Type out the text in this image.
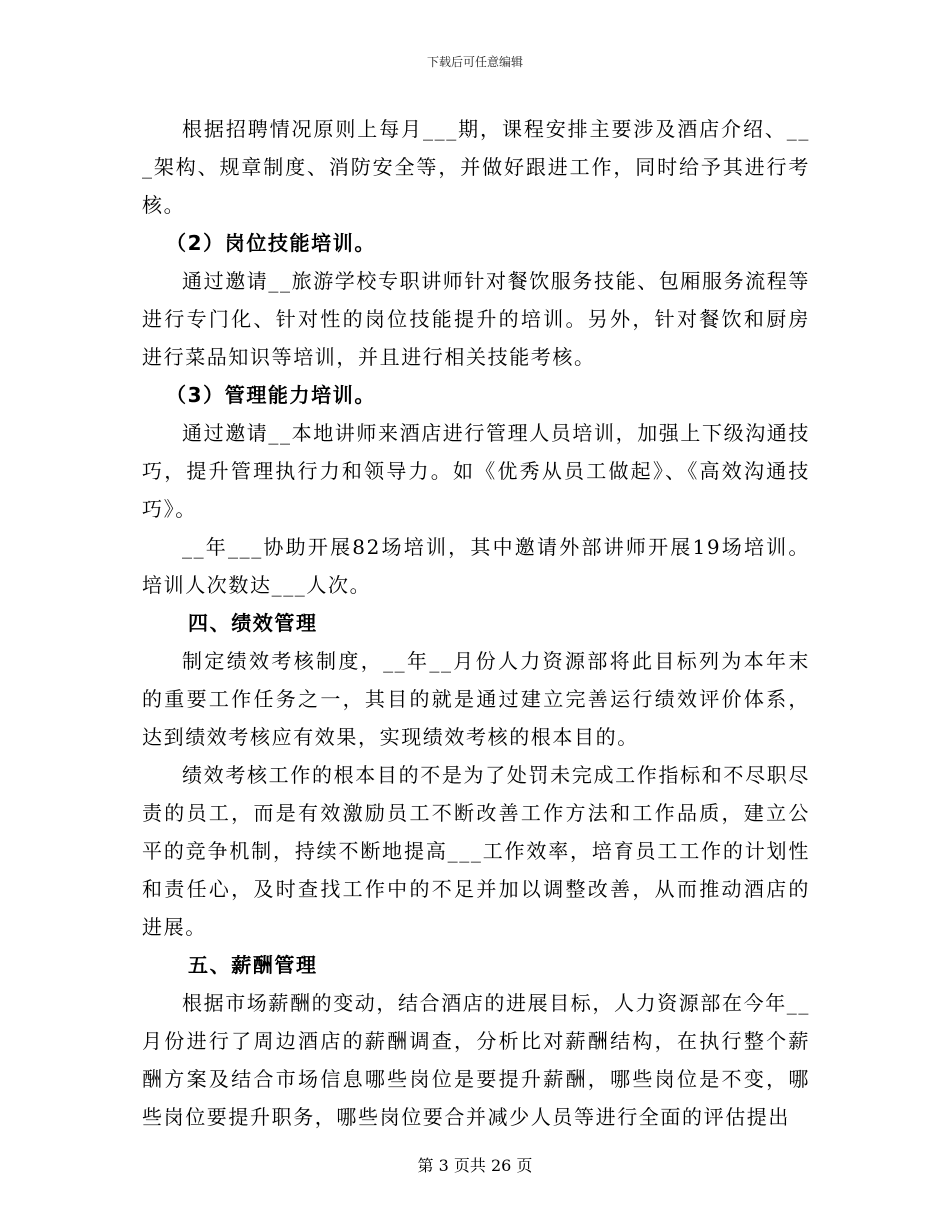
下载后可任意编辑

根据招聘情况原则上每月___期，课程安排主要涉及酒店介绍、___架构、规章制度、消防安全等，并做好跟进工作，同时给予其进行考核。

（2）岗位技能培训。

通过邀请__旅游学校专职讲师针对餐饮服务技能、包厢服务流程等进行专门化、针对性的岗位技能提升的培训。另外，针对餐饮和厨房进行菜品知识等培训，并且进行相关技能考核。

（3）管理能力培训。

通过邀请__本地讲师来酒店进行管理人员培训，加强上下级沟通技巧，提升管理执行力和领导力。如《优秀从员工做起》、《高效沟通技巧》。

__年___协助开展82场培训，其中邀请外部讲师开展19场培训。培训人次数达___人次。

四、绩效管理

制定绩效考核制度，__年__月份人力资源部将此目标列为本年末的重要工作任务之一，其目的就是通过建立完善运行绩效评价体系，达到绩效考核应有效果，实现绩效考核的根本目的。

绩效考核工作的根本目的不是为了处罚未完成工作指标和不尽职尽责的员工，而是有效激励员工不断改善工作方法和工作品质，建立公平的竞争机制，持续不断地提高___工作效率，培育员工工作的计划性和责任心，及时查找工作中的不足并加以调整改善，从而推动酒店的进展。

五、薪酬管理

根据市场薪酬的变动，结合酒店的进展目标，人力资源部在今年__月份进行了周边酒店的薪酬调查，分析比对薪酬结构，在执行整个薪酬方案及结合市场信息哪些岗位是要提升薪酬，哪些岗位是不变，哪些岗位要提升职务，哪些岗位要合并减少人员等进行全面的评估提出

第 3 页共 26 页
